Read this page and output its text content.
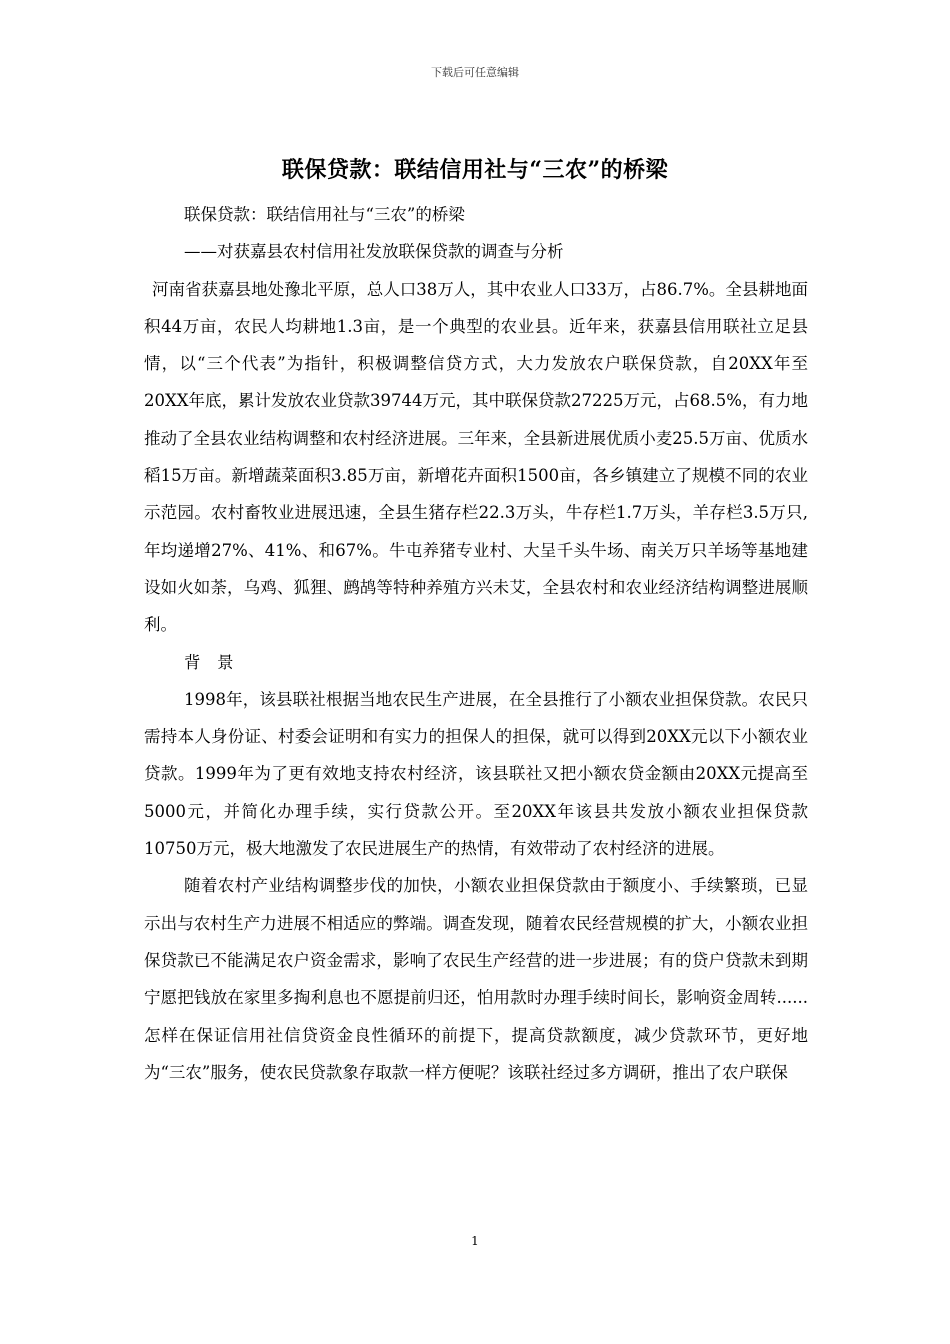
下载后可任意编辑
联保贷款：联结信用社与“三农”的桥梁

联保贷款：联结信用社与“三农”的桥梁

——对获嘉县农村信用社发放联保贷款的调查与分析

河南省获嘉县地处豫北平原，总人口38万人，其中农业人口33万，占86.7%。全县耕地面积44万亩，农民人均耕地1.3亩，是一个典型的农业县。近年来，获嘉县信用联社立足县情，以“三个代表”为指针，积极调整信贷方式，大力发放农户联保贷款，自20XX年至20XX年底，累计发放农业贷款39744万元，其中联保贷款27225万元，占68.5%，有力地推动了全县农业结构调整和农村经济进展。三年来，全县新进展优质小麦25.5万亩、优质水稻15万亩。新增蔬菜面积3.85万亩，新增花卉面积1500亩，各乡镇建立了规模不同的农业示范园。农村畜牧业进展迅速，全县生猪存栏22.3万头，牛存栏1.7万头，羊存栏3.5万只,年均递增27%、41%、和67%。牛屯养猪专业村、大呈千头牛场、南关万只羊场等基地建设如火如荼，乌鸡、狐狸、鹧鸪等特种养殖方兴未艾，全县农村和农业经济结构调整进展顺利。

背　景

1998年，该县联社根据当地农民生产进展，在全县推行了小额农业担保贷款。农民只需持本人身份证、村委会证明和有实力的担保人的担保，就可以得到20XX元以下小额农业贷款。1999年为了更有效地支持农村经济，该县联社又把小额农贷金额由20XX元提高至5000元，并简化办理手续，实行贷款公开。至20XX年该县共发放小额农业担保贷款10750万元，极大地激发了农民进展生产的热情，有效带动了农村经济的进展。

随着农村产业结构调整步伐的加快，小额农业担保贷款由于额度小、手续繁琐，已显示出与农村生产力进展不相适应的弊端。调查发现，随着农民经营规模的扩大，小额农业担保贷款已不能满足农户资金需求，影响了农民生产经营的进一步进展；有的贷户贷款未到期宁愿把钱放在家里多掏利息也不愿提前归还，怕用款时办理手续时间长，影响资金周转......怎样在保证信用社信贷资金良性循环的前提下，提高贷款额度，减少贷款环节，更好地为“三农”服务，使农民贷款象存取款一样方便呢？该联社经过多方调研，推出了农户联保

1
